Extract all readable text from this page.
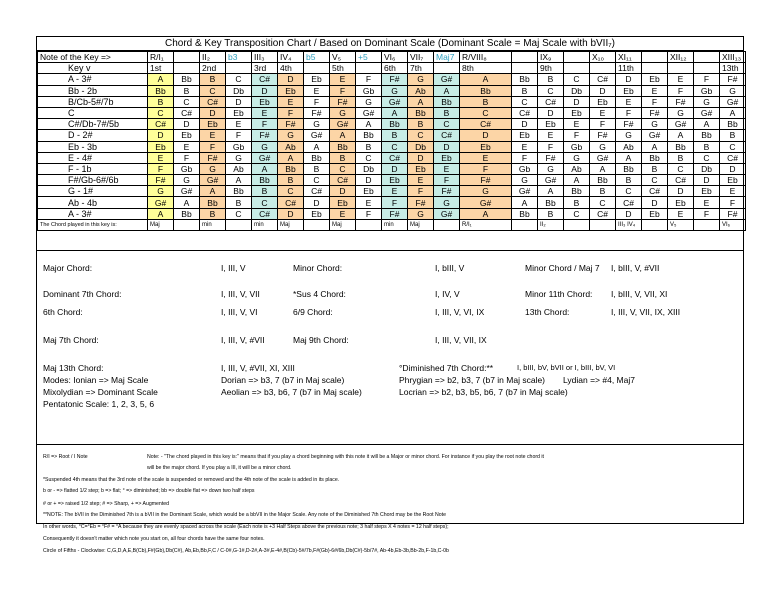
Chord & Key Transposition Chart / Based on Dominant Scale (Dominant Scale = Maj Scale with bVII₇)
Note of the Key =>	R/I₁		II₂	b3	III₃	IV₄	b5	V₅	+5	VI₆	VII₇	Maj7	R/VIII₈		IX₉		X₁₀	XI₁₁		XII₁₂		XIII₁₃
Key v	1st		2nd		3rd	4th		5th		6th	7th		8th		9th			11th				13th
A - 3#	A	Bb	B	C	C#	D	Eb	E	F	F#	G	G#	A	Bb	B	C	C#	D	Eb	E	F	F#
Bb - 2b	Bb	B	C	Db	D	Eb	E	F	Gb	G	Ab	A	Bb	B	C	Db	D	Eb	E	F	Gb	G
B/Cb-5#/7b	B	C	C#	D	Eb	E	F	F#	G	G#	A	Bb	B	C	C#	D	Eb	E	F	F#	G	G#
C	C	C#	D	Eb	E	F	F#	G	G#	A	Bb	B	C	C#	D	Eb	E	F	F#	G	G#	A
C#/Db-7#/5b	C#	D	Eb	E	F	F#	G	G#	A	Bb	B	C	C#	D	Eb	E	F	F#	G	G#	A	Bb
D - 2#	D	Eb	E	F	F#	G	G#	A	Bb	B	C	C#	D	Eb	E	F	F#	G	G#	A	Bb	B
Eb - 3b	Eb	E	F	Gb	G	Ab	A	Bb	B	C	Db	D	Eb	E	F	Gb	G	Ab	A	Bb	B	C
E - 4#	E	F	F#	G	G#	A	Bb	B	C	C#	D	Eb	E	F	F#	G	G#	A	Bb	B	C	C#
F - 1b	F	Gb	G	Ab	A	Bb	B	C	Db	D	Eb	E	F	Gb	G	Ab	A	Bb	B	C	Db	D
F#/Gb-6#/6b	F#	G	G#	A	Bb	B	C	C#	D	Eb	E	F	F#	G	G#	A	Bb	B	C	C#	D	Eb
G - 1#	G	G#	A	Bb	B	C	C#	D	Eb	E	F	F#	G	G#	A	Bb	B	C	C#	D	Eb	E
Ab - 4b	G#	A	Bb	B	C	C#	D	Eb	E	F	F#	G	G#	A	Bb	B	C	C#	D	Eb	E	F
A - 3#	A	Bb	B	C	C#	D	Eb	E	F	F#	G	G#	A	Bb	B	C	C#	D	Eb	E	F	F#
The Chord played in this key is:	Maj		min		min	Maj		Maj		min	Maj		R/I₁		II₂			III₃ IV₄		V₅		VI₆
Major Chord:	I, III, V	Minor Chord:	I, bIII, V	Minor Chord / Maj 7	I, bIII, V, #VII
Dominant 7th Chord:	I, III, V, VII	*Sus 4 Chord:	I, IV, V	Minor 11th Chord: I, bIII, V, VII, XI
6th Chord:	I, III, V, VI	6/9 Chord:	I, III, V, VI, IX	13th Chord:	I, III, V, VII, IX, XIII
Maj 7th Chord:	I, III, V, #VII	Maj 9th Chord:	I, III, V, VII, IX
Maj 13th Chord:	I, III, V, #VII, XI, XIII	°Diminished 7th Chord:**	I, bIII, bV, bVII or I, bIII, bV, VI
Modes: Ionian => Maj Scale	Dorian => b3, 7 (b7 in Maj scale)	Phrygian => b2, b3, 7 (b7 in Maj scale) Lydian => #4, Maj7
Mixolydian => Dominant Scale	Aeolian => b3, b6, 7 (b7 in Maj scale)	Locrian => b2, b3, b5, b6, 7 (b7 in Maj scale)
Pentatonic Scale: 1, 2, 3, 5, 6
R/I => Root / I Note	Note: - "The chord played in this key is:" means that if you play a chord beginning with this note it will be a Major or minor chord. For instance if you play the root note chord it
will be the major chord. If you play a III, it will be a minor chord.
*Suspended 4th means that the 3rd note of the scale is suspended or removed and the 4th note of the scale is added in its place.
b or - => flatted 1/2 step; b => flat; ° => diminished; bb => double flat => down two half steps
# or + => raised 1/2 step; # => Sharp, + => Augmented
**NOTE: The bVII in the Diminished 7th is a bVII in the Dominant Scale, which would be a bbVII in the Major Scale. Any note of the Diminished 7th Chord may be the Root Note
In other words, °C=°Eb = °F# = °A because they are evenly spaced across the scale (Each note is +3 Half Steps above the previous note; 3 half steps X 4 notes = 12 half steps);
Consequently it doesn't matter which note you start on, all four chords have the same four notes.
Circle of Fifths - Clockwise: C,G,D,A,E,B(Cb),F#(Gb),Db(C#), Ab,Eb,Bb,F,C / C-0#,G-1#,D-2#,A-3#,E-4#,B(Cb)-5#/7b,F#(Gb)-6#/6b,Db(C#)-5b/7#, Ab-4b,Eb-3b,Bb-2b,F-1b,C-0b
